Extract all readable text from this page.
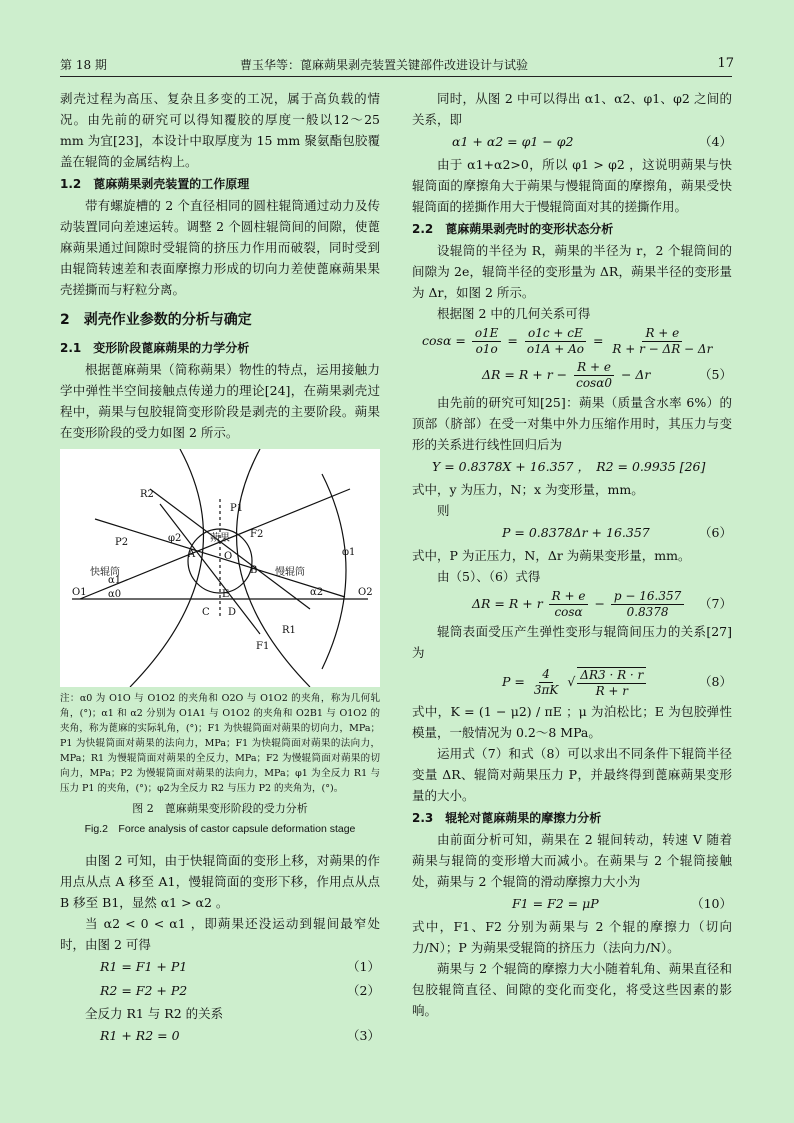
第 18 期	曹玉华等：蓖麻蒴果剥壳装置关键部件改进设计与试验	17

剥壳过程为高压、复杂且多变的工况，属于高负载的情况。由先前的研究可以得知覆胶的厚度一般以12～25 mm 为宜[23]，本设计中取厚度为 15 mm 聚氨酯包胶覆盖在辊筒的金属结构上。

1.2　蓖麻蒴果剥壳装置的工作原理

带有螺旋槽的 2 个直径相同的圆柱辊筒通过动力及传动装置同向差速运转。调整 2 个圆柱辊筒间的间隙，使蓖麻蒴果通过间隙时受辊筒的挤压力作用而破裂，同时受到由辊筒转速差和表面摩擦力形成的切向力差使蓖麻蒴果果壳搓撕而与籽粒分离。

2　剥壳作业参数的分析与确定
2.1　变形阶段蓖麻蒴果的力学分析

根据蓖麻蒴果（简称蒴果）物性的特点，运用接触力学中弹性半空间接触点传递力的理论[24]，在蒴果剥壳过程中，蒴果与包胶辊筒变形阶段是剥壳的主要阶段。蒴果在变形阶段的受力如图 2 所示。

R2
P1
P2	φ2	F2
φ1
A
B
快辊筒	慢辊筒
α1
α0
O1	O2
O
C D
E	α2
R1
F1
蒴果

注：α0 为 O1O 与 O1O2 的夹角和 O2O 与 O1O2 的夹角，称为几何轧角，(°)；α1 和 α2 分别为 O1A1 与 O1O2 的夹角和 O2B1 与 O1O2 的夹角，称为蓖麻的实际轧角，(°)；F1 为快辊筒面对蒴果的切向力，MPa；P1 为快辊筒面对蒴果的法向力，MPa；F1 为快辊筒面对蒴果的法向力，MPa；R1 为慢辊筒面对蒴果的全反力，MPa；F2 为慢辊筒面对蒴果的切向力，MPa；P2 为慢辊筒面对蒴果的法向力，MPa；φ1 为全反力 R1 与压力 P1 的夹角，(°)；φ2为全反力 R2 与压力 P2 的夹角为，(°)。

图 2　蓖麻蒴果变形阶段的受力分析
Fig.2　Force analysis of castor capsule deformation stage

由图 2 可知，由于快辊筒面的变形上移，对蒴果的作用点从点 A 移至 A1，慢辊筒面的变形下移，作用点从点 B 移至 B1，显然 α1 > α2 。

当 α2 < 0 < α1 ，即蒴果还没运动到辊间最窄处时，由图 2 可得

R1 = F1 + P1	（1）
R2 = F2 + P2	（2）

全反力 R1 与 R2 的关系

R1 + R2 = 0	（3）

同时，从图 2 中可以得出 α1、α2、φ1、φ2 之间的关系，即

α1 + α2 = φ1 − φ2	（4）

由于 α1+α2>0，所以 φ1 > φ2 ，这说明蒴果与快辊筒面的摩擦角大于蒴果与慢辊筒面的摩擦角，蒴果受快辊筒面的搓撕作用大于慢辊筒面对其的搓撕作用。

2.2　蓖麻蒴果剥壳时的变形状态分析

设辊筒的半径为 R，蒴果的半径为 r，2 个辊筒间的间隙为 2e，辊筒半径的变形量为 ΔR，蒴果半径的变形量为 Δr，如图 2 所示。

根据图 2 中的几何关系可得

$\cos\alpha = \frac{o1E}{o1o} = \frac{o1c + cE}{o1A + Ao} = \frac{R + e}{R + r - \Delta R - \Delta r}$
$\Delta R = R + r - \frac{R + e}{\cos\alpha 0} - \Delta r$	（5）

由先前的研究可知[25]：蒴果（质量含水率 6%）的顶部（脐部）在受一对集中外力压缩作用时，其压力与变形的关系进行线性回归后为

Y = 0.8378X + 16.357 ，　R2 = 0.9935 [26]

式中，y 为压力，N；x 为变形量，mm。

则

P = 0.8378Δr + 16.357	（6）

式中，P 为正压力，N，Δr 为蒴果变形量，mm。

由（5）、（6）式得

ΔR = R + r $\frac{R + e}{\cos\alpha} - \frac{p - 16.357}{0.8378} (7)$

辊筒表面受压产生弹性变形与辊筒间压力的关系[27]为

$P = \frac{4}{3\pi K}$ √ $\frac{\Delta R3 \cdot R \cdot r}{R + r}$	（8）

式中，K = (1 − μ2) / πE ；μ 为泊松比；E 为包胶弹性模量，一般情况为 0.2～8 MPa。

运用式（7）和式（8）可以求出不同条件下辊筒半径变量 ΔR、辊筒对蒴果压力 P，并最终得到蓖麻蒴果变形量的大小。

2.3　辊轮对蓖麻蒴果的摩擦力分析

由前面分析可知，蒴果在 2 辊间转动，转速 V 随着蒴果与辊筒的变形增大而减小。在蒴果与 2 个辊筒接触处，蒴果与 2 个辊筒的滑动摩擦力大小为

F1 = F2 = μP	（10）

式中，F1、F2 分别为蒴果与 2 个辊的摩擦力（切向力/N）；P 为蒴果受辊筒的挤压力（法向力/N）。

蒴果与 2 个辊筒的摩擦力大小随着轧角、蒴果直径和包胶辊筒直径、间隙的变化而变化，将受这些因素的影响。
